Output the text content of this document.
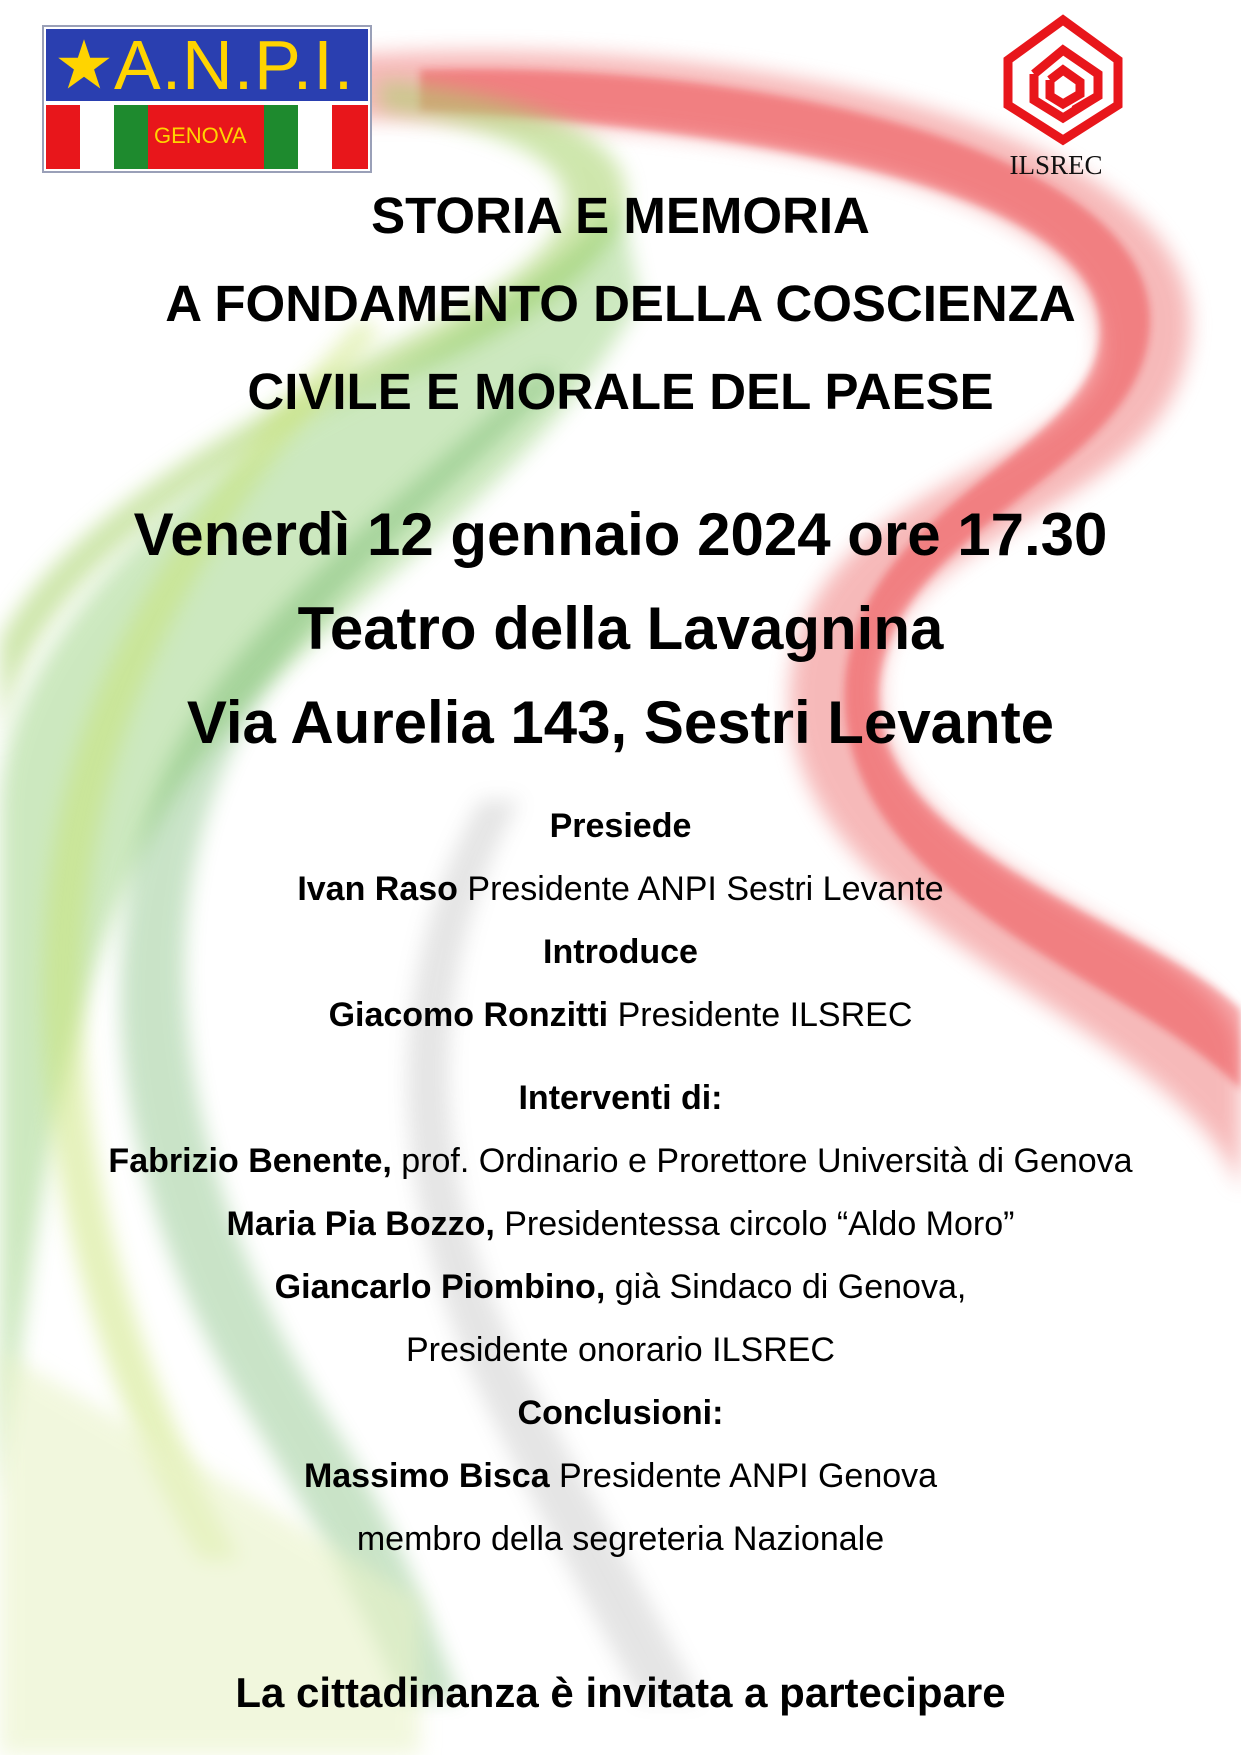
A.N.P.I.
GENOVA
ILSREC
STORIA E MEMORIA
A FONDAMENTO DELLA COSCIENZA
CIVILE E MORALE DEL PAESE
Venerdì 12 gennaio 2024 ore 17.30
Teatro della Lavagnina
Via Aurelia 143, Sestri Levante
Presiede
Ivan Raso Presidente ANPI Sestri Levante
Introduce
Giacomo Ronzitti Presidente ILSREC
Interventi di:
Fabrizio Benente, prof. Ordinario e Prorettore Università di Genova
Maria Pia Bozzo, Presidentessa circolo “Aldo Moro”
Giancarlo Piombino, già Sindaco di Genova,
Presidente onorario ILSREC
Conclusioni:
Massimo Bisca Presidente ANPI Genova
membro della segreteria Nazionale
La cittadinanza è invitata a partecipare
